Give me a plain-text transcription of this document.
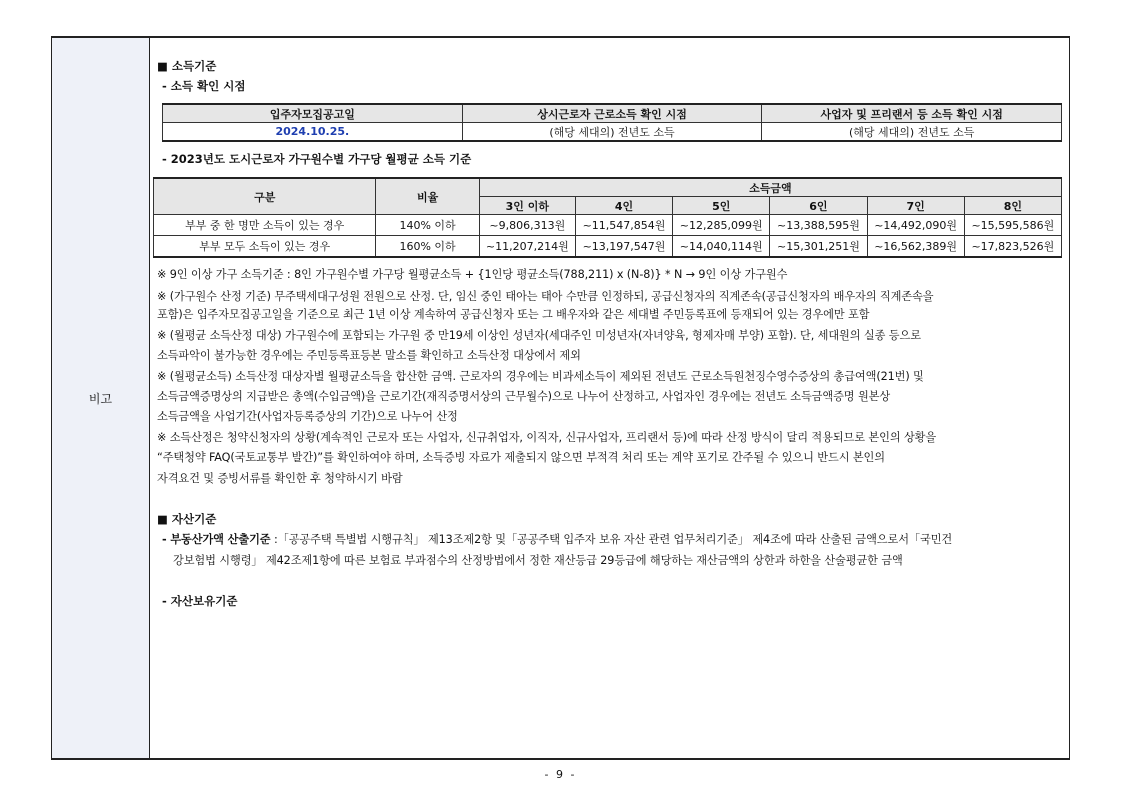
비고
■ 소득기준
- 소득 확인 시점
입주자모집공고일	상시근로자 근로소득 확인 시점	사업자 및 프리랜서 등 소득 확인 시점
2024.10.25.	(해당 세대의) 전년도 소득	(해당 세대의) 전년도 소득
- 2023년도 도시근로자 가구원수별 가구당 월평균 소득 기준
구분	비율	소득금액					
		3인 이하	4인	5인	6인	7인	8인
부부 중 한 명만 소득이 있는 경우	140% 이하	~9,806,313원	~11,547,854원	~12,285,099원	~13,388,595원	~14,492,090원	~15,595,586원
부부 모두 소득이 있는 경우	160% 이하	~11,207,214원	~13,197,547원	~14,040,114원	~15,301,251원	~16,562,389원	~17,823,526원
※ 9인 이상 가구 소득기준 : 8인 가구원수별 가구당 월평균소득 + {1인당 평균소득(788,211) x (N-8)} * N → 9인 이상 가구원수
※ (가구원수 산정 기준) 무주택세대구성원 전원으로 산정. 단, 임신 중인 태아는 태아 수만큼 인정하되, 공급신청자의 직계존속(공급신청자의 배우자의 직계존속을
포함)은 입주자모집공고일을 기준으로 최근 1년 이상 계속하여 공급신청자 또는 그 배우자와 같은 세대별 주민등록표에 등재되어 있는 경우에만 포함
※ (월평균 소득산정 대상) 가구원수에 포함되는 가구원 중 만19세 이상인 성년자(세대주인 미성년자(자녀양육, 형제자매 부양) 포함). 단, 세대원의 실종 등으로
소득파악이 불가능한 경우에는 주민등록표등본 말소를 확인하고 소득산정 대상에서 제외
※ (월평균소득) 소득산정 대상자별 월평균소득을 합산한 금액. 근로자의 경우에는 비과세소득이 제외된 전년도 근로소득원천징수영수증상의 총급여액(21번) 및
소득금액증명상의 지급받은 총액(수입금액)을 근로기간(재직증명서상의 근무월수)으로 나누어 산정하고, 사업자인 경우에는 전년도 소득금액증명 원본상
소득금액을 사업기간(사업자등록증상의 기간)으로 나누어 산정
※ 소득산정은 청약신청자의 상황(계속적인 근로자 또는 사업자, 신규취업자, 이직자, 신규사업자, 프리랜서 등)에 따라 산정 방식이 달리 적용되므로 본인의 상황을
“주택청약 FAQ(국토교통부 발간)”를 확인하여야 하며, 소득증빙 자료가 제출되지 않으면 부적격 처리 또는 계약 포기로 간주될 수 있으니 반드시 본인의
자격요건 및 증빙서류를 확인한 후 청약하시기 바람
■ 자산기준
- 부동산가액 산출기준 :「공공주택 특별법 시행규칙」 제13조제2항 및「공공주택 입주자 보유 자산 관련 업무처리기준」 제4조에 따라 산출된 금액으로서「국민건
강보험법 시행령」 제42조제1항에 따른 보험료 부과점수의 산정방법에서 정한 재산등급 29등급에 해당하는 재산금액의 상한과 하한을 산술평균한 금액
- 자산보유기준
- 9 -
